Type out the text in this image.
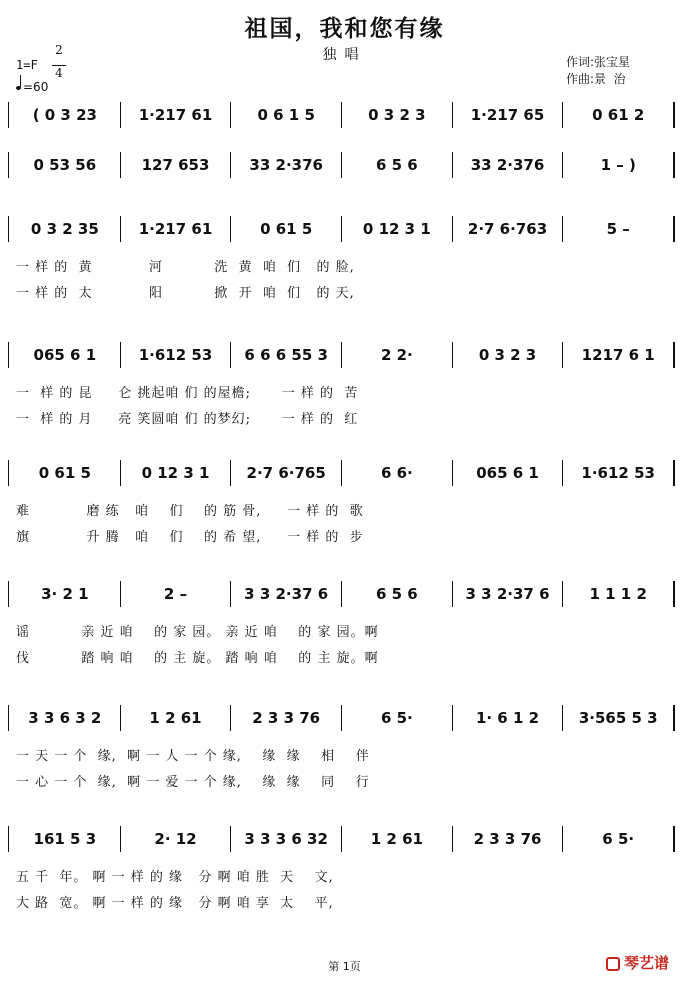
祖国，我和您有缘
独唱	作词:张宝星
作曲:景  治
1=F
2
4
=60
( 0 3 23	1·217 61	0 6 1 5	0 3 2 3	1·217 65	0 61 2
0 53 56	127 653	33 2·376	6 5 6	33 2·376	1 – )
0 3 2 35	1·217 61	0 61 5	0 12 3 1	2·7 6·763	5 –
一 样 的  黄           河          洗  黄  咱  们   的 脸,
一 样 的  太           阳          掀  开  咱  们   的 天,
065 6 1	1·612 53	6 6 6 55 3	2 2·	0 3 2 3	1217 6 1
一  样 的 昆     仑 挑起咱 们 的屋檐;      一 样 的  苦
一  样 的 月     亮 笑圆咱 们 的梦幻;      一 样 的  红
0 61 5	0 12 3 1	2·7 6·765	6 6·	065 6 1	1·612 53
难           磨 练   咱    们    的 筋 骨,     一 样 的  歌
旗           升 腾   咱    们    的 希 望,     一 样 的  步
3· 2 1	2 –	3 3 2·37 6	6 5 6	3 3 2·37 6	1 1 1 2
谣          亲 近 咱    的 家 园。 亲 近 咱    的 家 园。啊
伐          踏 响 咱    的 主 旋。 踏 响 咱    的 主 旋。啊
3 3 6 3 2	1 2 61	2 3 3 76	6 5·	1· 6 1 2	3·565 5 3
一 天 一 个  缘,  啊 一 人 一 个 缘,    缘  缘    相    伴
一 心 一 个  缘,  啊 一 爱 一 个 缘,    缘  缘    同    行
161 5 3	2· 12	3 3 3 6 32	1 2 61	2 3 3 76	6 5·
五 千  年。 啊 一 样 的 缘   分 啊 咱 胜  天    文,
大 路  宽。 啊 一 样 的 缘   分 啊 咱 享  太    平,
第 1页	琴艺谱
